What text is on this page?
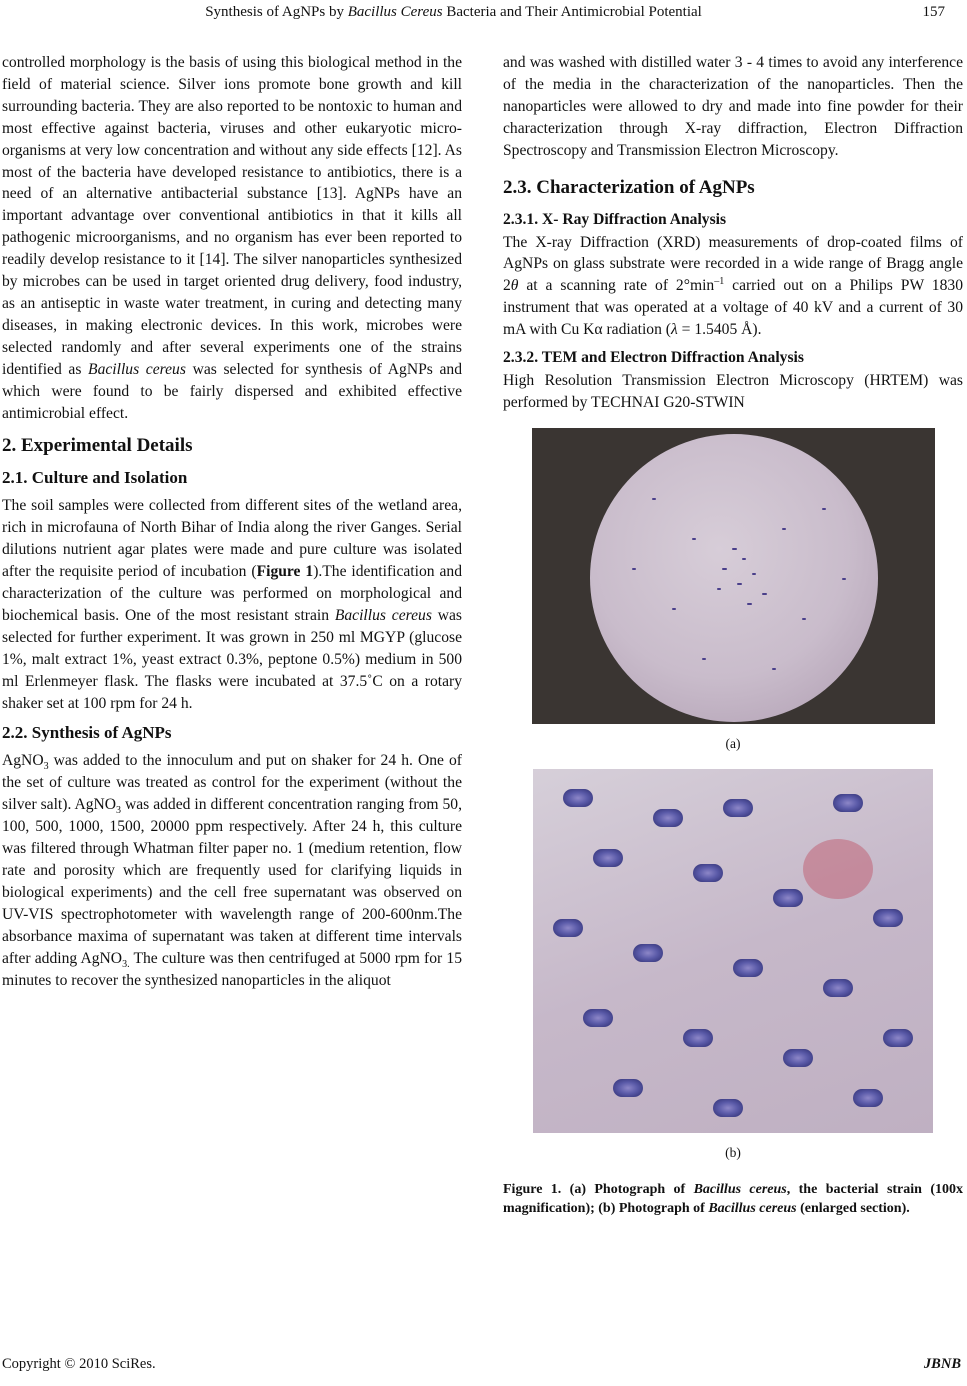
Synthesis of AgNPs by Bacillus Cereus Bacteria and Their Antimicrobial Potential	157

controlled morphology is the basis of using this biological method in the field of material science. Silver ions promote bone growth and kill surrounding bacteria. They are also reported to be nontoxic to human and most effective against bacteria, viruses and other eukaryotic micro-organisms at very low concentration and without any side effects [12]. As most of the bacteria have developed resistance to antibiotics, there is a need of an alternative antibacterial substance [13]. AgNPs have an important advantage over conventional antibiotics in that it kills all pathogenic microorganisms, and no organism has ever been reported to readily develop resistance to it [14]. The silver nanoparticles synthesized by microbes can be used in target oriented drug delivery, food industry, as an antiseptic in waste water treatment, in curing and detecting many diseases, in making electronic devices. In this work, microbes were selected randomly and after several experiments one of the strains identified as Bacillus cereus was selected for synthesis of AgNPs and which were found to be fairly dispersed and exhibited effective antimicrobial effect.

2. Experimental Details
2.1. Culture and Isolation

The soil samples were collected from different sites of the wetland area, rich in microfauna of North Bihar of India along the river Ganges. Serial dilutions nutrient agar plates were made and pure culture was isolated after the requisite period of incubation (Figure 1).The identification and characterization of the culture was performed on morphological and biochemical basis. One of the most resistant strain Bacillus cereus was selected for further experiment. It was grown in 250 ml MGYP (glucose 1%, malt extract 1%, yeast extract 0.3%, peptone 0.5%) medium in 500 ml Erlenmeyer flask. The flasks were incubated at 37.5˚C on a rotary shaker set at 100 rpm for 24 h.

2.2. Synthesis of AgNPs

AgNO$_3$ was added to the innoculum and put on shaker for 24 h. One of the set of culture was treated as control for the experiment (without the silver salt). AgNO$_3$ was added in different concentration ranging from 50, 100, 500, 1000, 1500, 20000 ppm respectively. After 24 h, this culture was filtered through Whatman filter paper no. 1 (medium retention, flow rate and porosity which are frequently used for clarifying liquids in biological experiments) and the cell free supernatant was observed on UV-VIS spectrophotometer with wavelength range of 200-600nm.The absorbance maxima of supernatant was taken at different time intervals after adding AgNO$_{3.}$ The culture was then centrifuged at 5000 rpm for 15 minutes to recover the synthesized nanoparticles in the aliquot

and was washed with distilled water 3 - 4 times to avoid any interference of the media in the characterization of the nanoparticles. Then the nanoparticles were allowed to dry and made into fine powder for their characterization through X-ray diffraction, Electron Diffraction Spectroscopy and Transmission Electron Microscopy.

2.3. Characterization of AgNPs
2.3.1. X- Ray Diffraction Analysis

The X-ray Diffraction (XRD) measurements of drop-coated films of AgNPs on glass substrate were recorded in a wide range of Bragg angle 2θ at a scanning rate of $2^\circ\min^{-1}$ carried out on a Philips PW 1830 instrument that was operated at a voltage of 40 kV and a current of 30 mA with Cu Kα radiation (λ = 1.5405 Å).

2.3.2. TEM and Electron Diffraction Analysis

High Resolution Transmission Electron Microscopy (HRTEM) was performed by TECHNAI G20-STWIN

(a)
(b)
Figure 1. (a) Photograph of Bacillus cereus, the bacterial strain (100x magnification); (b) Photograph of Bacillus cereus (enlarged section).
Copyright © 2010 SciRes.	JBNB
